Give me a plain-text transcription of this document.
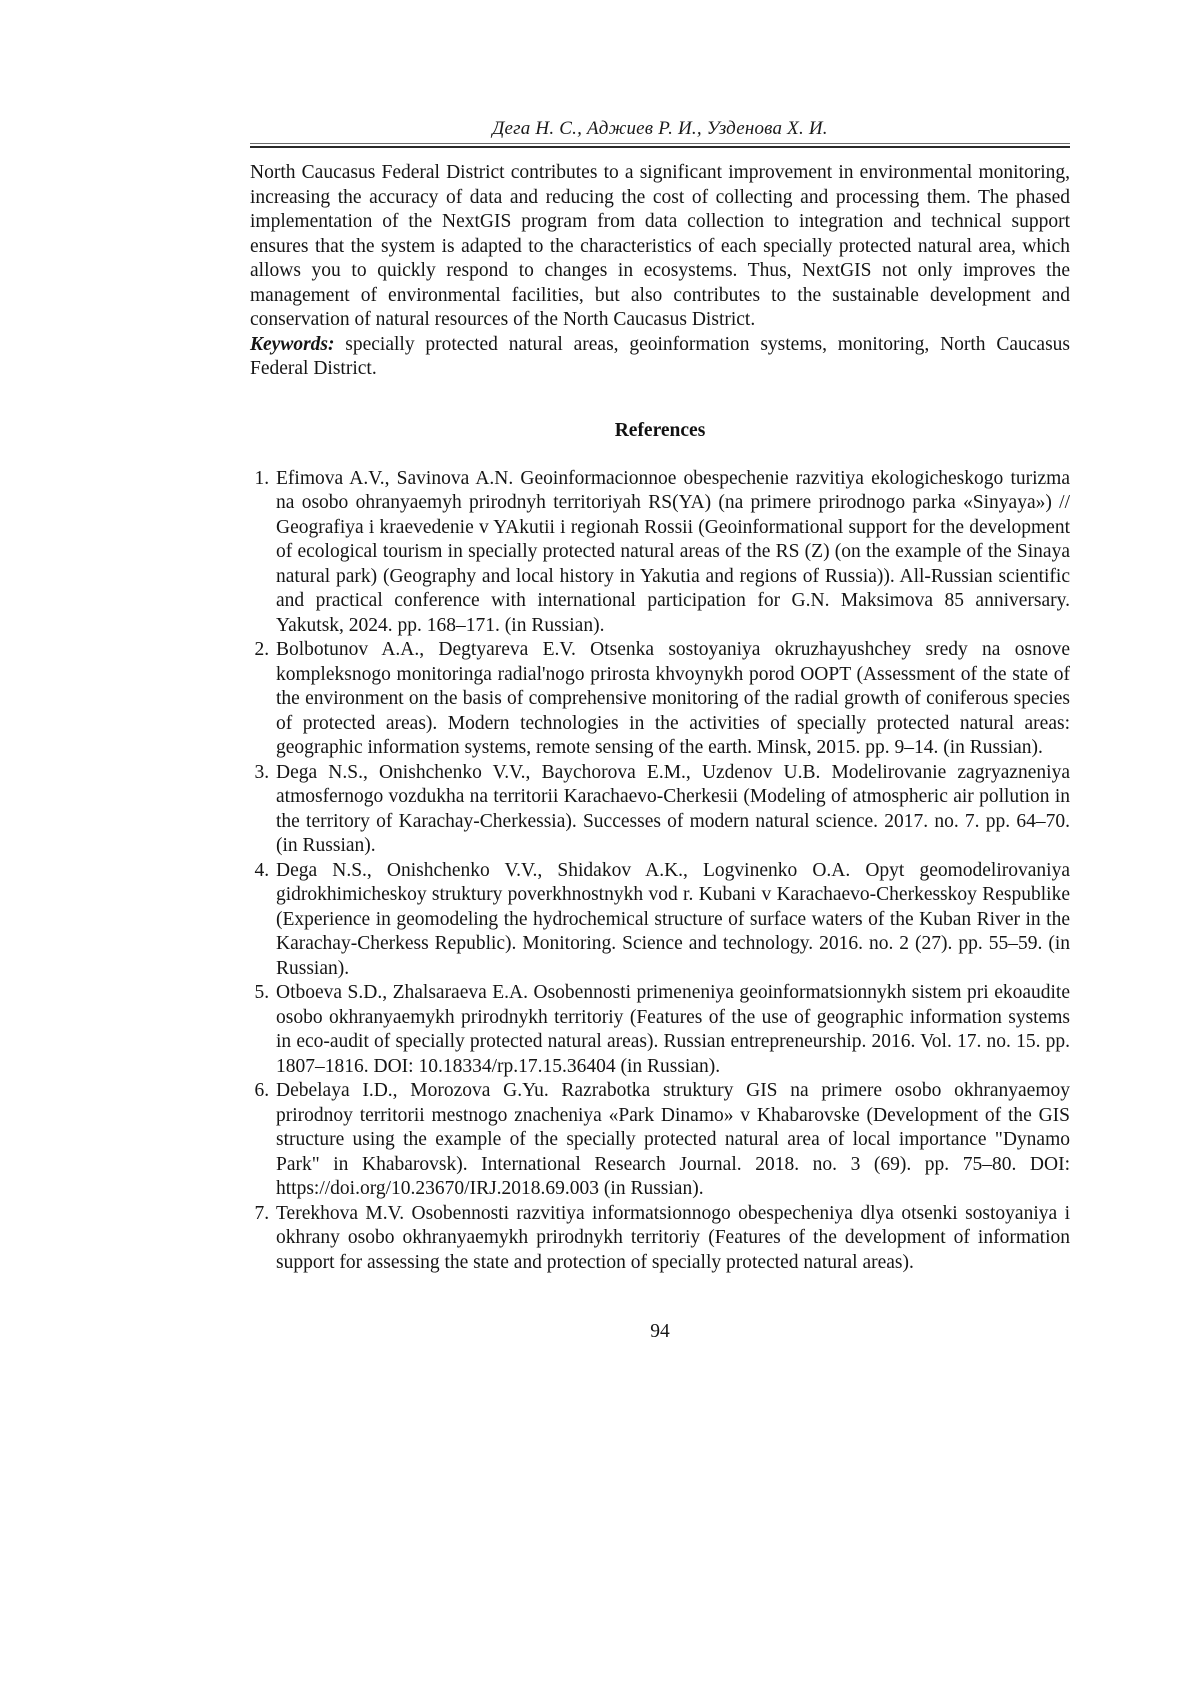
Дега Н. С., Аджиев Р. И., Узденова Х. И.

North Caucasus Federal District contributes to a significant improvement in environmental monitoring, increasing the accuracy of data and reducing the cost of collecting and processing them. The phased implementation of the NextGIS program from data collection to integration and technical support ensures that the system is adapted to the characteristics of each specially protected natural area, which allows you to quickly respond to changes in ecosystems. Thus, NextGIS not only improves the management of environmental facilities, but also contributes to the sustainable development and conservation of natural resources of the North Caucasus District.

Keywords: specially protected natural areas, geoinformation systems, monitoring, North Caucasus Federal District.

References
1. Efimova A.V., Savinova A.N. Geoinformacionnoe obespechenie razvitiya ekologicheskogo turizma na osobo ohranyaemyh prirodnyh territoriyah RS(YA) (na primere prirodnogo parka «Sinyaya») // Geografiya i kraevedenie v YAkutii i regionah Rossii (Geoinformational support for the development of ecological tourism in specially protected natural areas of the RS (Z) (on the example of the Sinaya natural park) (Geography and local history in Yakutia and regions of Russia)). All-Russian scientific and practical conference with international participation for G.N. Maksimova 85 anniversary. Yakutsk, 2024. pp. 168–171. (in Russian).
2. Bolbotunov A.A., Degtyareva E.V. Otsenka sostoyaniya okruzhayushchey sredy na osnove kompleksnogo monitoringa radial'nogo prirosta khvoynykh porod OOPT (Assessment of the state of the environment on the basis of comprehensive monitoring of the radial growth of coniferous species of protected areas). Modern technologies in the activities of specially protected natural areas: geographic information systems, remote sensing of the earth. Minsk, 2015. pp. 9–14. (in Russian).
3. Dega N.S., Onishchenko V.V., Baychorova E.M., Uzdenov U.B. Modelirovanie zagryazneniya atmosfernogo vozdukha na territorii Karachaevo-Cherkesii (Modeling of atmospheric air pollution in the territory of Karachay-Cherkessia). Successes of modern natural science. 2017. no. 7. pp. 64–70. (in Russian).
4. Dega N.S., Onishchenko V.V., Shidakov A.K., Logvinenko O.A. Opyt geomodelirovaniya gidrokhimicheskoy struktury poverkhnostnykh vod r. Kubani v Karachaevo-Cherkesskoy Respublike (Experience in geomodeling the hydrochemical structure of surface waters of the Kuban River in the Karachay-Cherkess Republic). Monitoring. Science and technology. 2016. no. 2 (27). pp. 55–59. (in Russian).
5. Otboeva S.D., Zhalsaraeva E.A. Osobennosti primeneniya geoinformatsionnykh sistem pri ekoaudite osobo okhranyaemykh prirodnykh territoriy (Features of the use of geographic information systems in eco-audit of specially protected natural areas). Russian entrepreneurship. 2016. Vol. 17. no. 15. pp. 1807–1816. DOI: 10.18334/rp.17.15.36404 (in Russian).
6. Debelaya I.D., Morozova G.Yu. Razrabotka struktury GIS na primere osobo okhranyaemoy prirodnoy territorii mestnogo znacheniya «Park Dinamo» v Khabarovske (Development of the GIS structure using the example of the specially protected natural area of local importance "Dynamo Park" in Khabarovsk). International Research Journal. 2018. no. 3 (69). pp. 75–80. DOI: https://doi.org/10.23670/IRJ.2018.69.003 (in Russian).
7. Terekhova M.V. Osobennosti razvitiya informatsionnogo obespecheniya dlya otsenki sostoyaniya i okhrany osobo okhranyaemykh prirodnykh territoriy (Features of the development of information support for assessing the state and protection of specially protected natural areas).
94
